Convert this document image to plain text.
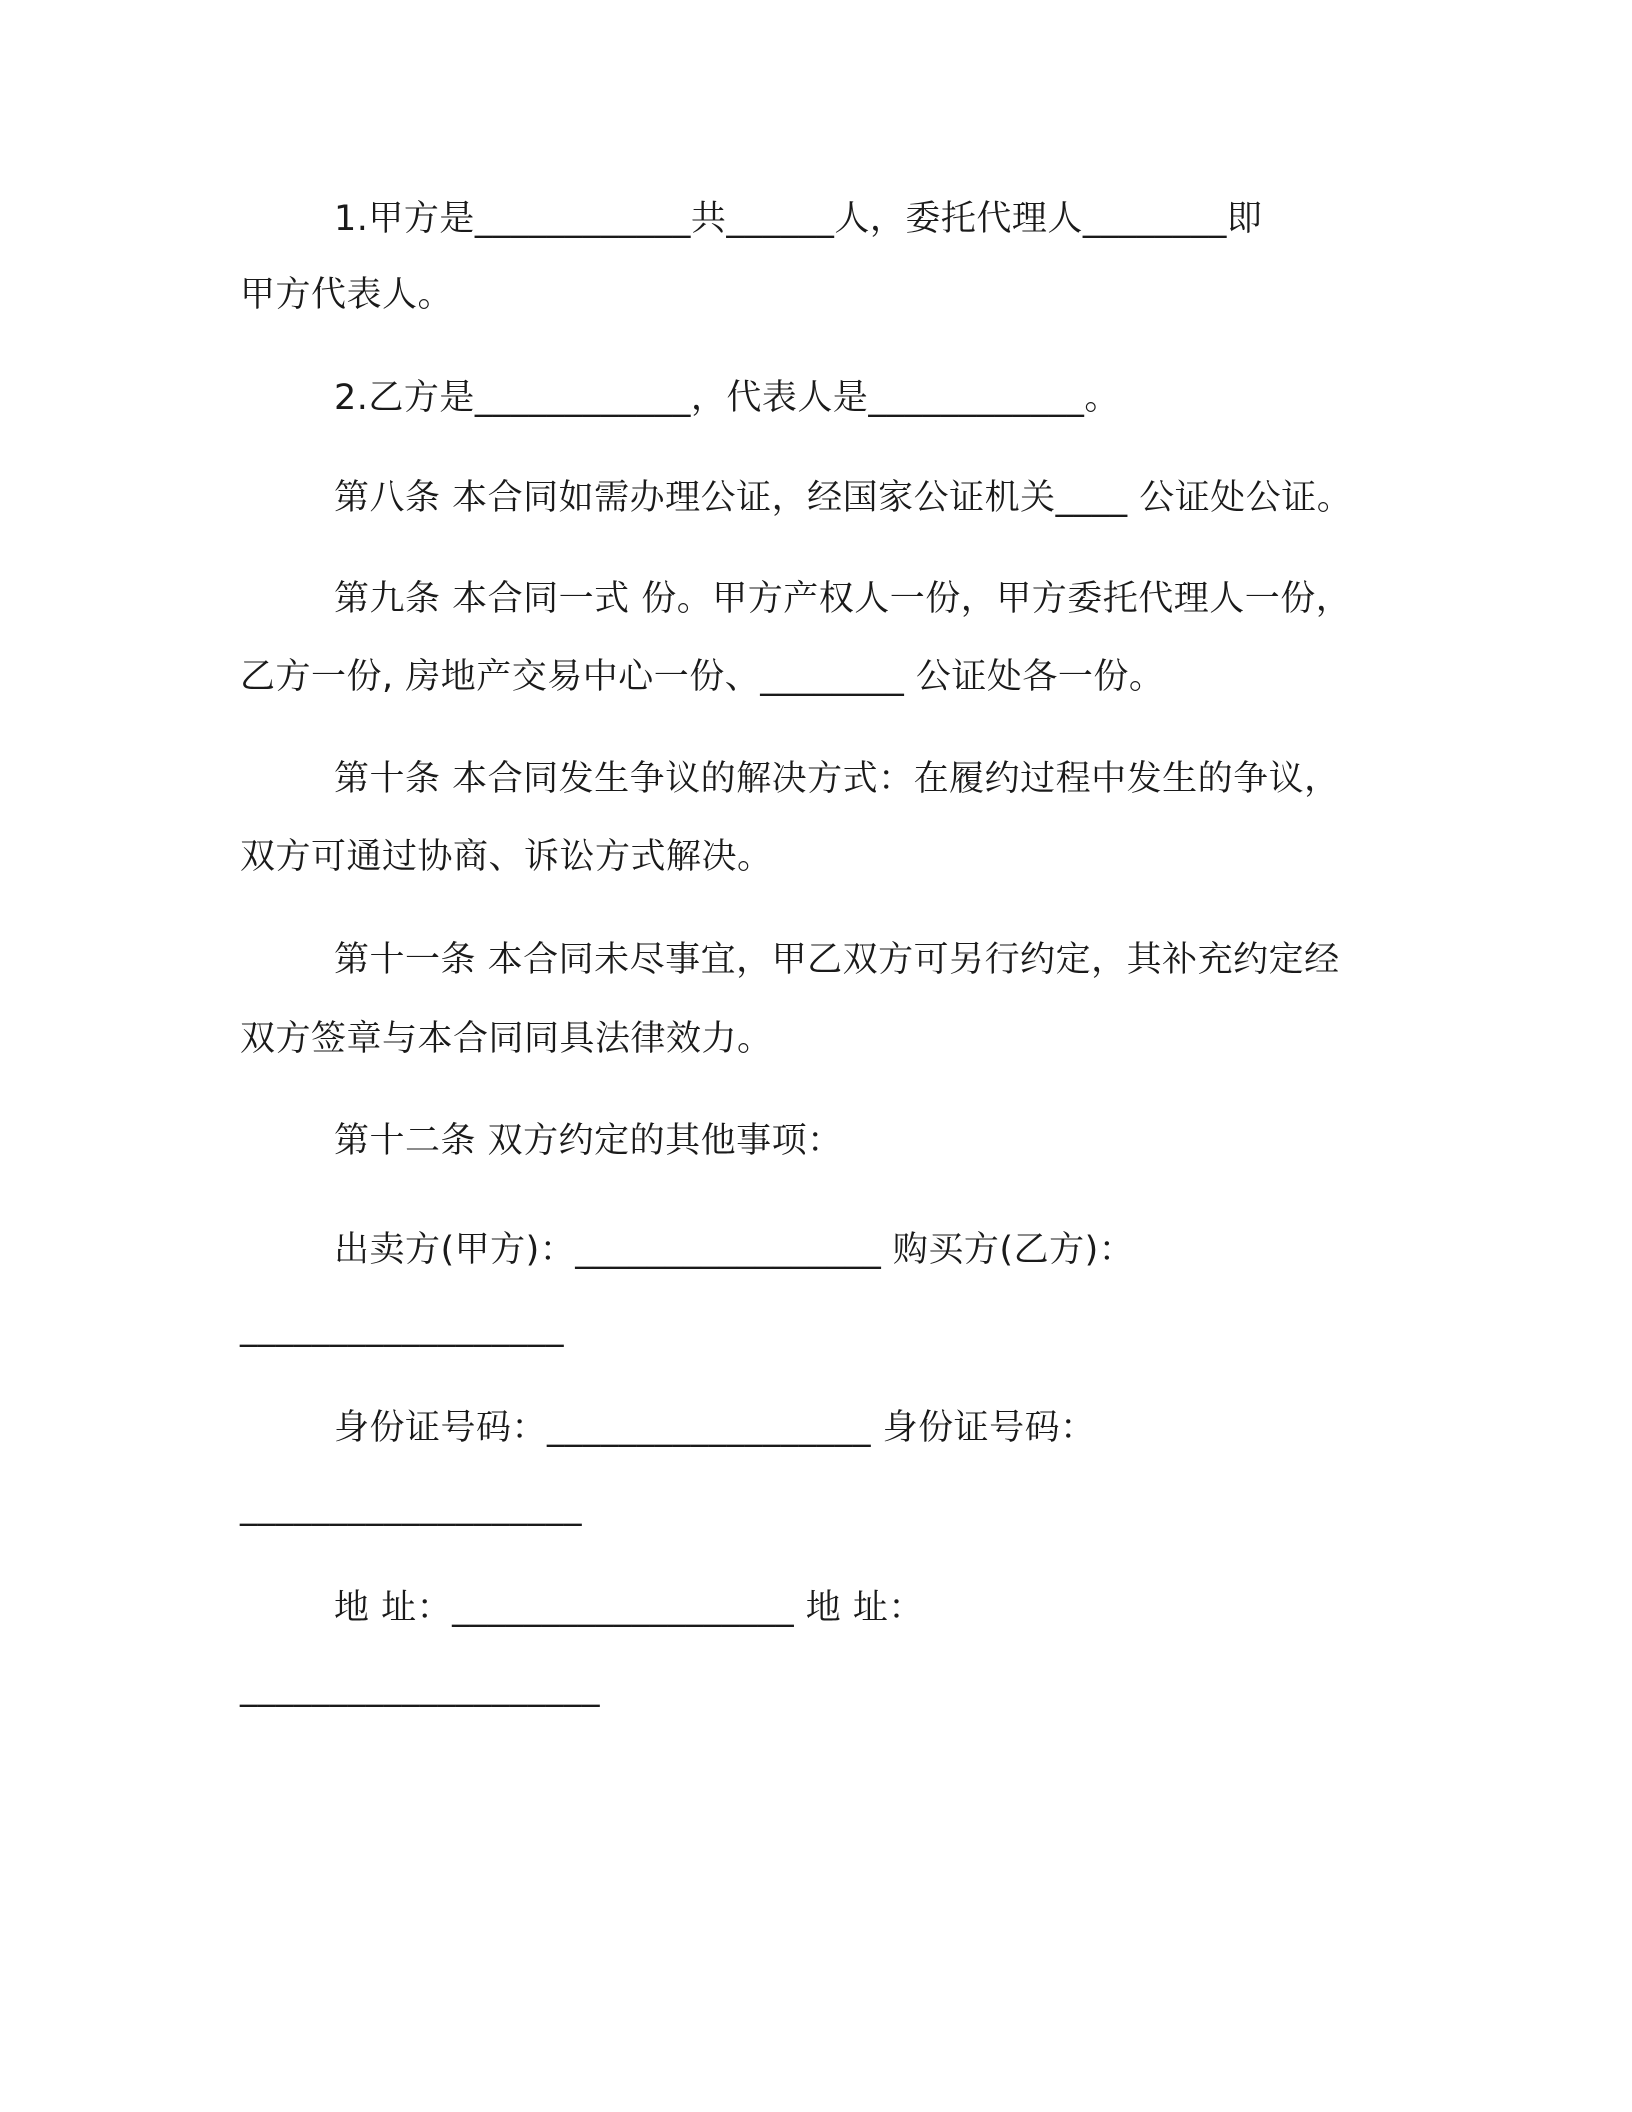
1.甲方是____________共______人，委托代理人________即
甲方代表人。
2.乙方是____________，代表人是____________。
第八条 本合同如需办理公证，经国家公证机关____ 公证处公证。
第九条 本合同一式 份。甲方产权人一份，甲方委托代理人一份，
乙方一份, 房地产交易中心一份、________ 公证处各一份。
第十条 本合同发生争议的解决方式：在履约过程中发生的争议，
双方可通过协商、诉讼方式解决。
第十一条 本合同未尽事宜，甲乙双方可另行约定，其补充约定经
双方签章与本合同同具法律效力。
第十二条 双方约定的其他事项：
出卖方(甲方)：_________________ 购买方(乙方)：
__________________
身份证号码：__________________ 身份证号码：
___________________
地 址：___________________ 地 址：
____________________
